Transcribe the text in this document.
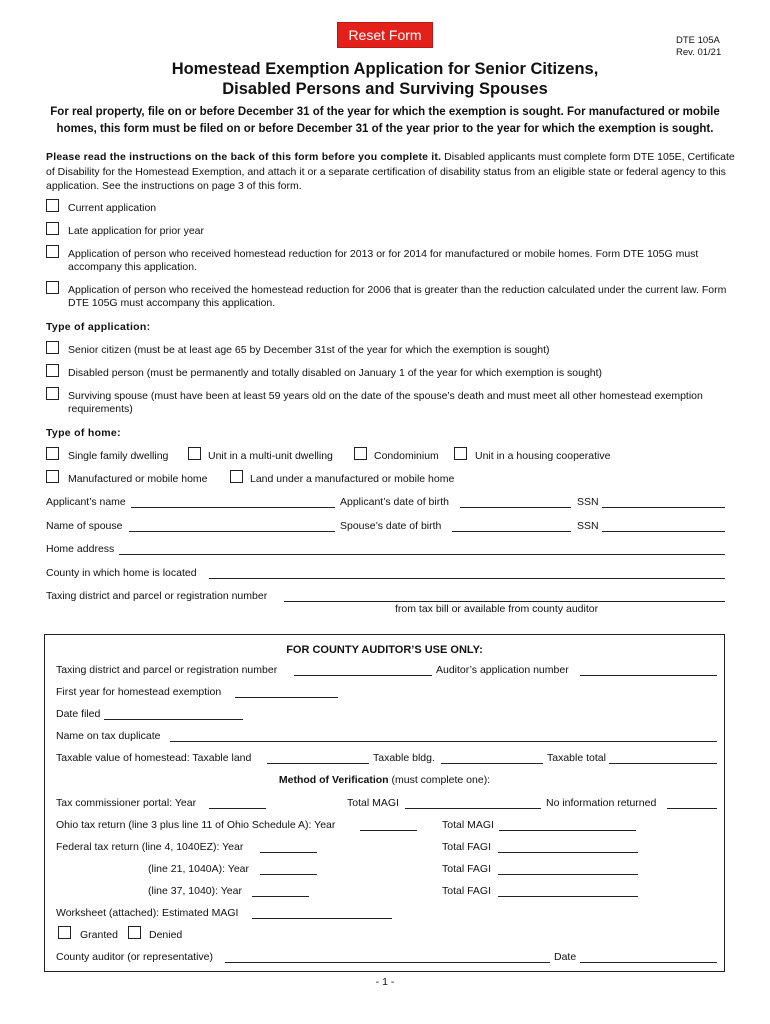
Reset Form	DTE 105A
Rev. 01/21
Homestead Exemption Application for Senior Citizens,
Disabled Persons and Surviving Spouses
For real property, file on or before December 31 of the year for which the exemption is sought. For manufactured or mobile
homes, this form must be filed on or before December 31 of the year prior to the year for which the exemption is sought.
Please read the instructions on the back of this form before you complete it. Disabled applicants must complete form DTE 105E, Certificate of Disability for the Homestead Exemption, and attach it or a separate certification of disability status from an eligible state or federal agency to this application. See the instructions on page 3 of this form.
Current application
Late application for prior year
Application of person who received homestead reduction for 2013 or for 2014 for manufactured or mobile homes. Form DTE 105G must accompany this application.
Application of person who received the homestead reduction for 2006 that is greater than the reduction calculated under the current law. Form DTE 105G must accompany this application.
Type of application:
Senior citizen (must be at least age 65 by December 31st of the year for which the exemption is sought)
Disabled person (must be permanently and totally disabled on January 1 of the year for which exemption is sought)
Surviving spouse (must have been at least 59 years old on the date of the spouse’s death and must meet all other homestead exemption requirements)
Type of home:
Single family dwelling	Unit in a multi-unit dwelling	Condominium	Unit in a housing cooperative
Manufactured or mobile home	Land under a manufactured or mobile home
Applicant’s name	Applicant’s date of birth	SSN
Name of spouse	Spouse’s date of birth	SSN
Home address
County in which home is located
Taxing district and parcel or registration number
from tax bill or available from county auditor
FOR COUNTY AUDITOR’S USE ONLY:
Taxing district and parcel or registration number	Auditor’s application number
First year for homestead exemption
Date filed
Name on tax duplicate
Taxable value of homestead: Taxable land	Taxable bldg.	Taxable total
Method of Verification (must complete one):
Tax commissioner portal: Year	Total MAGI	No information returned
Ohio tax return (line 3 plus line 11 of Ohio Schedule A): Year	Total MAGI
Federal tax return (line 4, 1040EZ): Year	Total FAGI
(line 21, 1040A): Year	Total FAGI
(line 37, 1040): Year	Total FAGI
Worksheet (attached): Estimated MAGI
Granted	Denied
County auditor (or representative)	Date
- 1 -
